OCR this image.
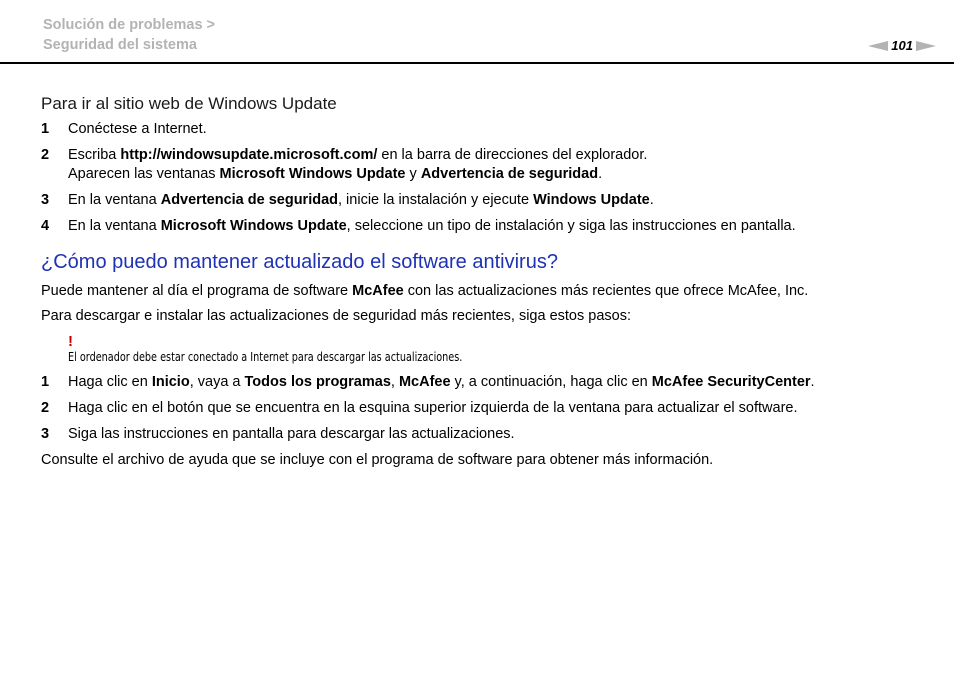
Solución de problemas >
Seguridad del sistema	101
Para ir al sitio web de Windows Update
1	Conéctese a Internet.
2	Escriba http://windowsupdate.microsoft.com/ en la barra de direcciones del explorador.
Aparecen las ventanas Microsoft Windows Update y Advertencia de seguridad.
3	En la ventana Advertencia de seguridad, inicie la instalación y ejecute Windows Update.
4	En la ventana Microsoft Windows Update, seleccione un tipo de instalación y siga las instrucciones en pantalla.
¿Cómo puedo mantener actualizado el software antivirus?
Puede mantener al día el programa de software McAfee con las actualizaciones más recientes que ofrece McAfee, Inc.
Para descargar e instalar las actualizaciones de seguridad más recientes, siga estos pasos:
!
El ordenador debe estar conectado a Internet para descargar las actualizaciones.
1	Haga clic en Inicio, vaya a Todos los programas, McAfee y, a continuación, haga clic en McAfee SecurityCenter.
2	Haga clic en el botón que se encuentra en la esquina superior izquierda de la ventana para actualizar el software.
3	Siga las instrucciones en pantalla para descargar las actualizaciones.
Consulte el archivo de ayuda que se incluye con el programa de software para obtener más información.
